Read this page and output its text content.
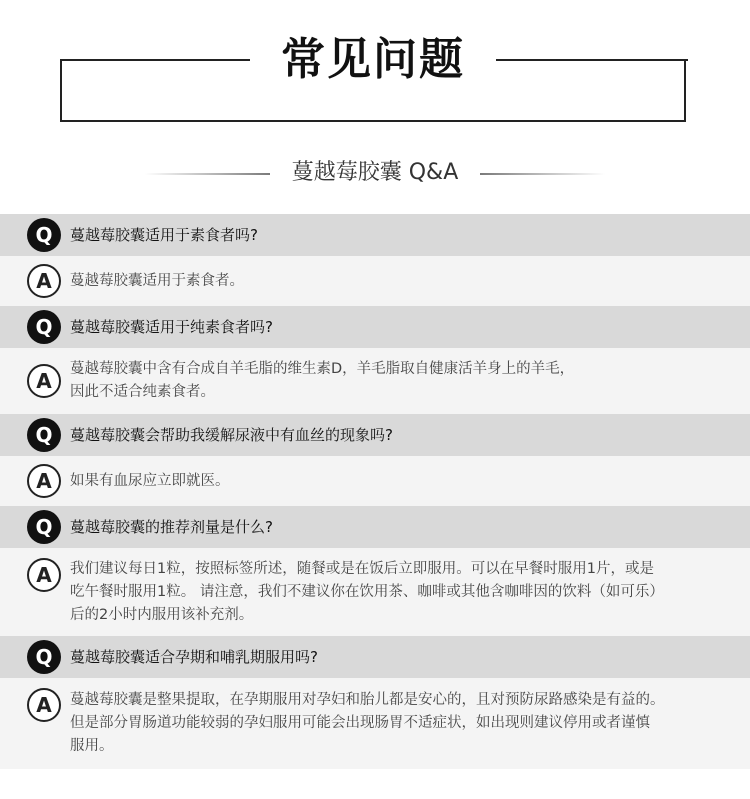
常见问题
蔓越莓胶囊 Q&A
Q	蔓越莓胶囊适用于素食者吗?
A	蔓越莓胶囊适用于素食者。
Q	蔓越莓胶囊适用于纯素食者吗?
A	蔓越莓胶囊中含有合成自羊毛脂的维生素D，羊毛脂取自健康活羊身上的羊毛，
因此不适合纯素食者。
Q	蔓越莓胶囊会帮助我缓解尿液中有血丝的现象吗?
A	如果有血尿应立即就医。
Q	蔓越莓胶囊的推荐剂量是什么?
A	我们建议每日1粒，按照标签所述，随餐或是在饭后立即服用。可以在早餐时服用1片，或是
吃午餐时服用1粒。 请注意，我们不建议你在饮用茶、咖啡或其他含咖啡因的饮料（如可乐）
后的2小时内服用该补充剂。
Q	蔓越莓胶囊适合孕期和哺乳期服用吗?
A	蔓越莓胶囊是整果提取，在孕期服用对孕妇和胎儿都是安心的，且对预防尿路感染是有益的。
但是部分胃肠道功能较弱的孕妇服用可能会出现肠胃不适症状，如出现则建议停用或者谨慎
服用。
